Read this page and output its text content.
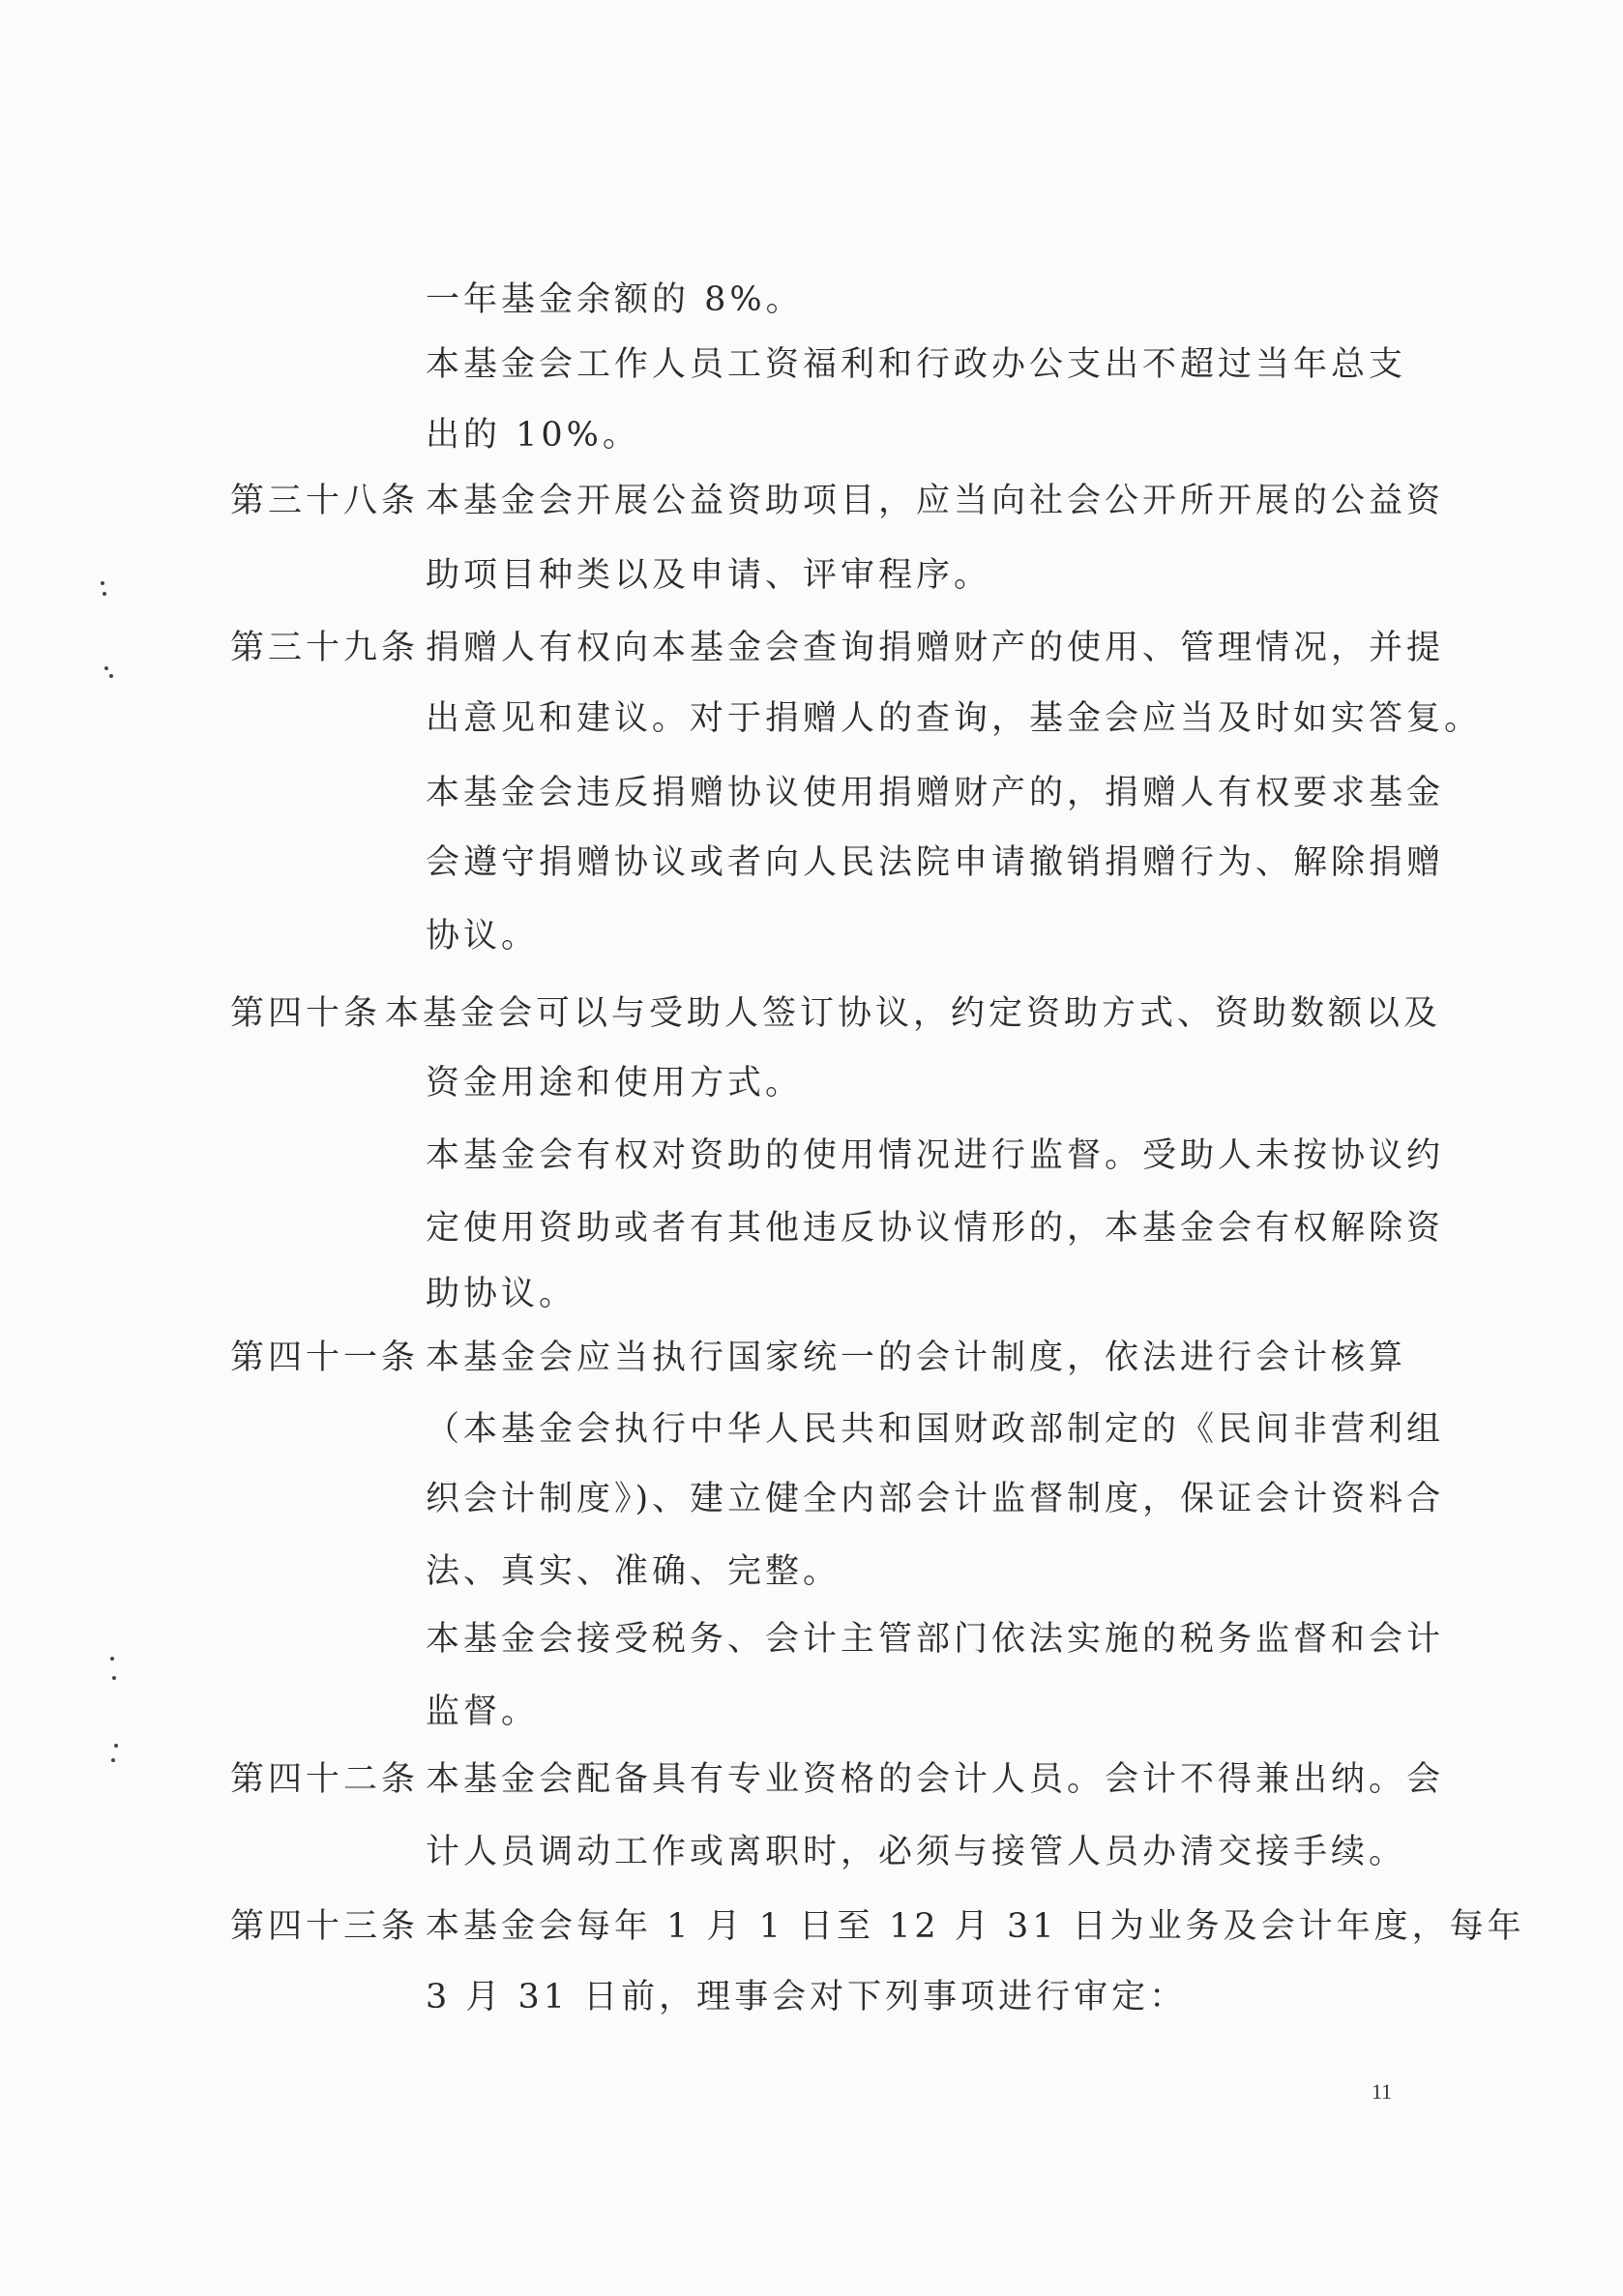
第三十八条
第三十九条
第四十条
第四十一条
第四十二条
第四十三条
一年基金余额的 8%。
本基金会工作人员工资福利和行政办公支出不超过当年总支
出的 10%。
本基金会开展公益资助项目，应当向社会公开所开展的公益资
助项目种类以及申请、评审程序。
捐赠人有权向本基金会查询捐赠财产的使用、管理情况，并提
出意见和建议。对于捐赠人的查询，基金会应当及时如实答复。
本基金会违反捐赠协议使用捐赠财产的，捐赠人有权要求基金
会遵守捐赠协议或者向人民法院申请撤销捐赠行为、解除捐赠
协议。
本基金会可以与受助人签订协议，约定资助方式、资助数额以及
资金用途和使用方式。
本基金会有权对资助的使用情况进行监督。受助人未按协议约
定使用资助或者有其他违反协议情形的，本基金会有权解除资
助协议。
本基金会应当执行国家统一的会计制度，依法进行会计核算
（本基金会执行中华人民共和国财政部制定的《民间非营利组
织会计制度》)、建立健全内部会计监督制度，保证会计资料合
法、真实、准确、完整。
本基金会接受税务、会计主管部门依法实施的税务监督和会计
监督。
本基金会配备具有专业资格的会计人员。会计不得兼出纳。会
计人员调动工作或离职时，必须与接管人员办清交接手续。
本基金会每年 1 月 1 日至 12 月 31 日为业务及会计年度，每年
3 月 31 日前，理事会对下列事项进行审定：
11
